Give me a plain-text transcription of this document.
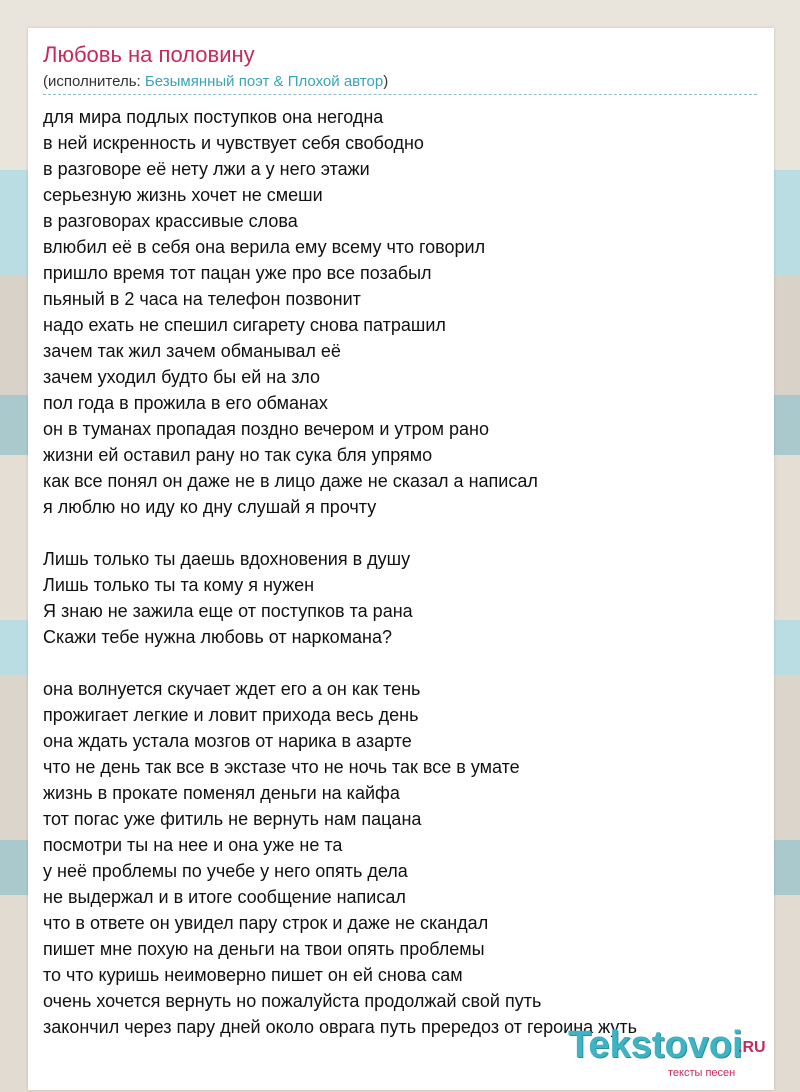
Любовь на половину
(исполнитель: Безымянный поэт & Плохой автор)
для мира подлых поступков она негодна
в ней искренность и чувствует себя свободно
в разговоре её нету лжи а у него этажи
серьезную жизнь хочет не смеши
в разговорах крассивые слова
влюбил её в себя она верила ему всему что говорил
пришло время тот пацан уже про все позабыл
пьяный в 2 часа на телефон позвонит
надо ехать не спешил сигарету снова патрашил
зачем так жил зачем обманывал её
зачем уходил будто бы ей на зло
пол года в прожила в его обманах
он в туманах пропадая поздно вечером и утром рано
жизни ей оставил рану но так сука бля упрямо
как все понял он даже не в лицо даже не сказал а написал
я люблю но иду ко дну слушай я прочту
Лишь только ты даешь вдохновения в душу
Лишь только ты та кому я нужен
Я знаю не зажила еще от поступков та рана
Скажи тебе нужна любовь от наркомана?
она волнуется скучает ждет его а он как тень
прожигает легкие и ловит прихода весь день
она ждать устала мозгов от нарика в азарте
что не день так все в экстазе что не ночь так все в умате
жизнь в прокате поменял деньги на кайфа
тот погас уже фитиль не вернуть нам пацана
посмотри ты на нее и она уже не та
у неё проблемы по учебе у него опять дела
не выдержал и в итоге сообщение написал
что в ответе он увидел пару строк и даже не скандал
пишет мне похую на деньги на твои опять проблемы
то что куришь неимоверно пишет он ей снова сам
очень хочется вернуть но пожалуйста продолжай свой путь
закончил через пару дней около оврага путь прередоз от героина жуть
Tekstovoi
.RU
тексты песен
